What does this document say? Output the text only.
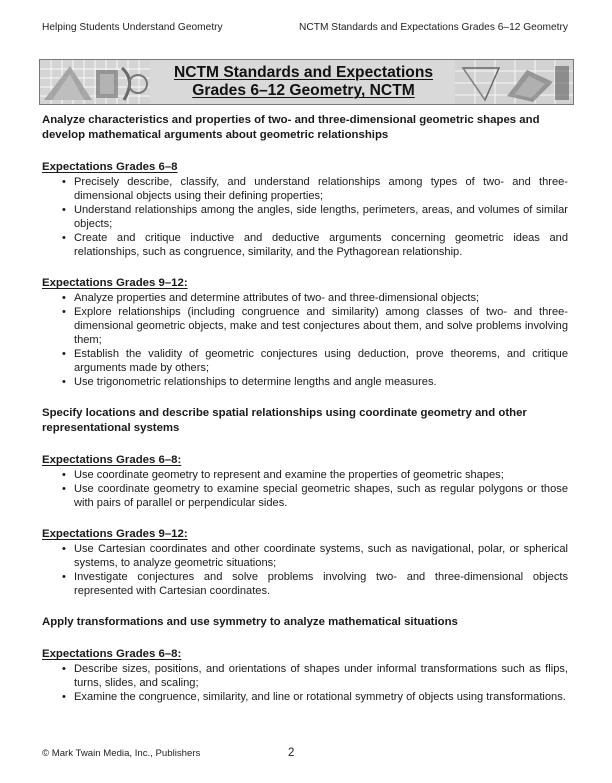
Helping Students Understand Geometry	NCTM Standards and Expectations Grades 6–12 Geometry
NCTM Standards and Expectations
Grades 6–12 Geometry, NCTM
Analyze characteristics and properties of two- and three-dimensional geometric shapes and develop mathematical arguments about geometric relationships
Expectations Grades 6–8
• Precisely describe, classify, and understand relationships among types of two- and three-dimensional objects using their defining properties;
• Understand relationships among the angles, side lengths, perimeters, areas, and volumes of similar objects;
• Create and critique inductive and deductive arguments concerning geometric ideas and relationships, such as congruence, similarity, and the Pythagorean relationship.
Expectations Grades 9–12:
• Analyze properties and determine attributes of two- and three-dimensional objects;
• Explore relationships (including congruence and similarity) among classes of two- and three-dimensional geometric objects, make and test conjectures about them, and solve problems involving them;
• Establish the validity of geometric conjectures using deduction, prove theorems, and critique arguments made by others;
• Use trigonometric relationships to determine lengths and angle measures.
Specify locations and describe spatial relationships using coordinate geometry and other representational systems
Expectations Grades 6–8:
• Use coordinate geometry to represent and examine the properties of geometric shapes;
• Use coordinate geometry to examine special geometric shapes, such as regular polygons or those with pairs of parallel or perpendicular sides.
Expectations Grades 9–12:
• Use Cartesian coordinates and other coordinate systems, such as navigational, polar, or spherical systems, to analyze geometric situations;
• Investigate conjectures and solve problems involving two- and three-dimensional objects represented with Cartesian coordinates.
Apply transformations and use symmetry to analyze mathematical situations
Expectations Grades 6–8:
• Describe sizes, positions, and orientations of shapes under informal transformations such as flips, turns, slides, and scaling;
• Examine the congruence, similarity, and line or rotational symmetry of objects using transformations.
© Mark Twain Media, Inc., Publishers	2
